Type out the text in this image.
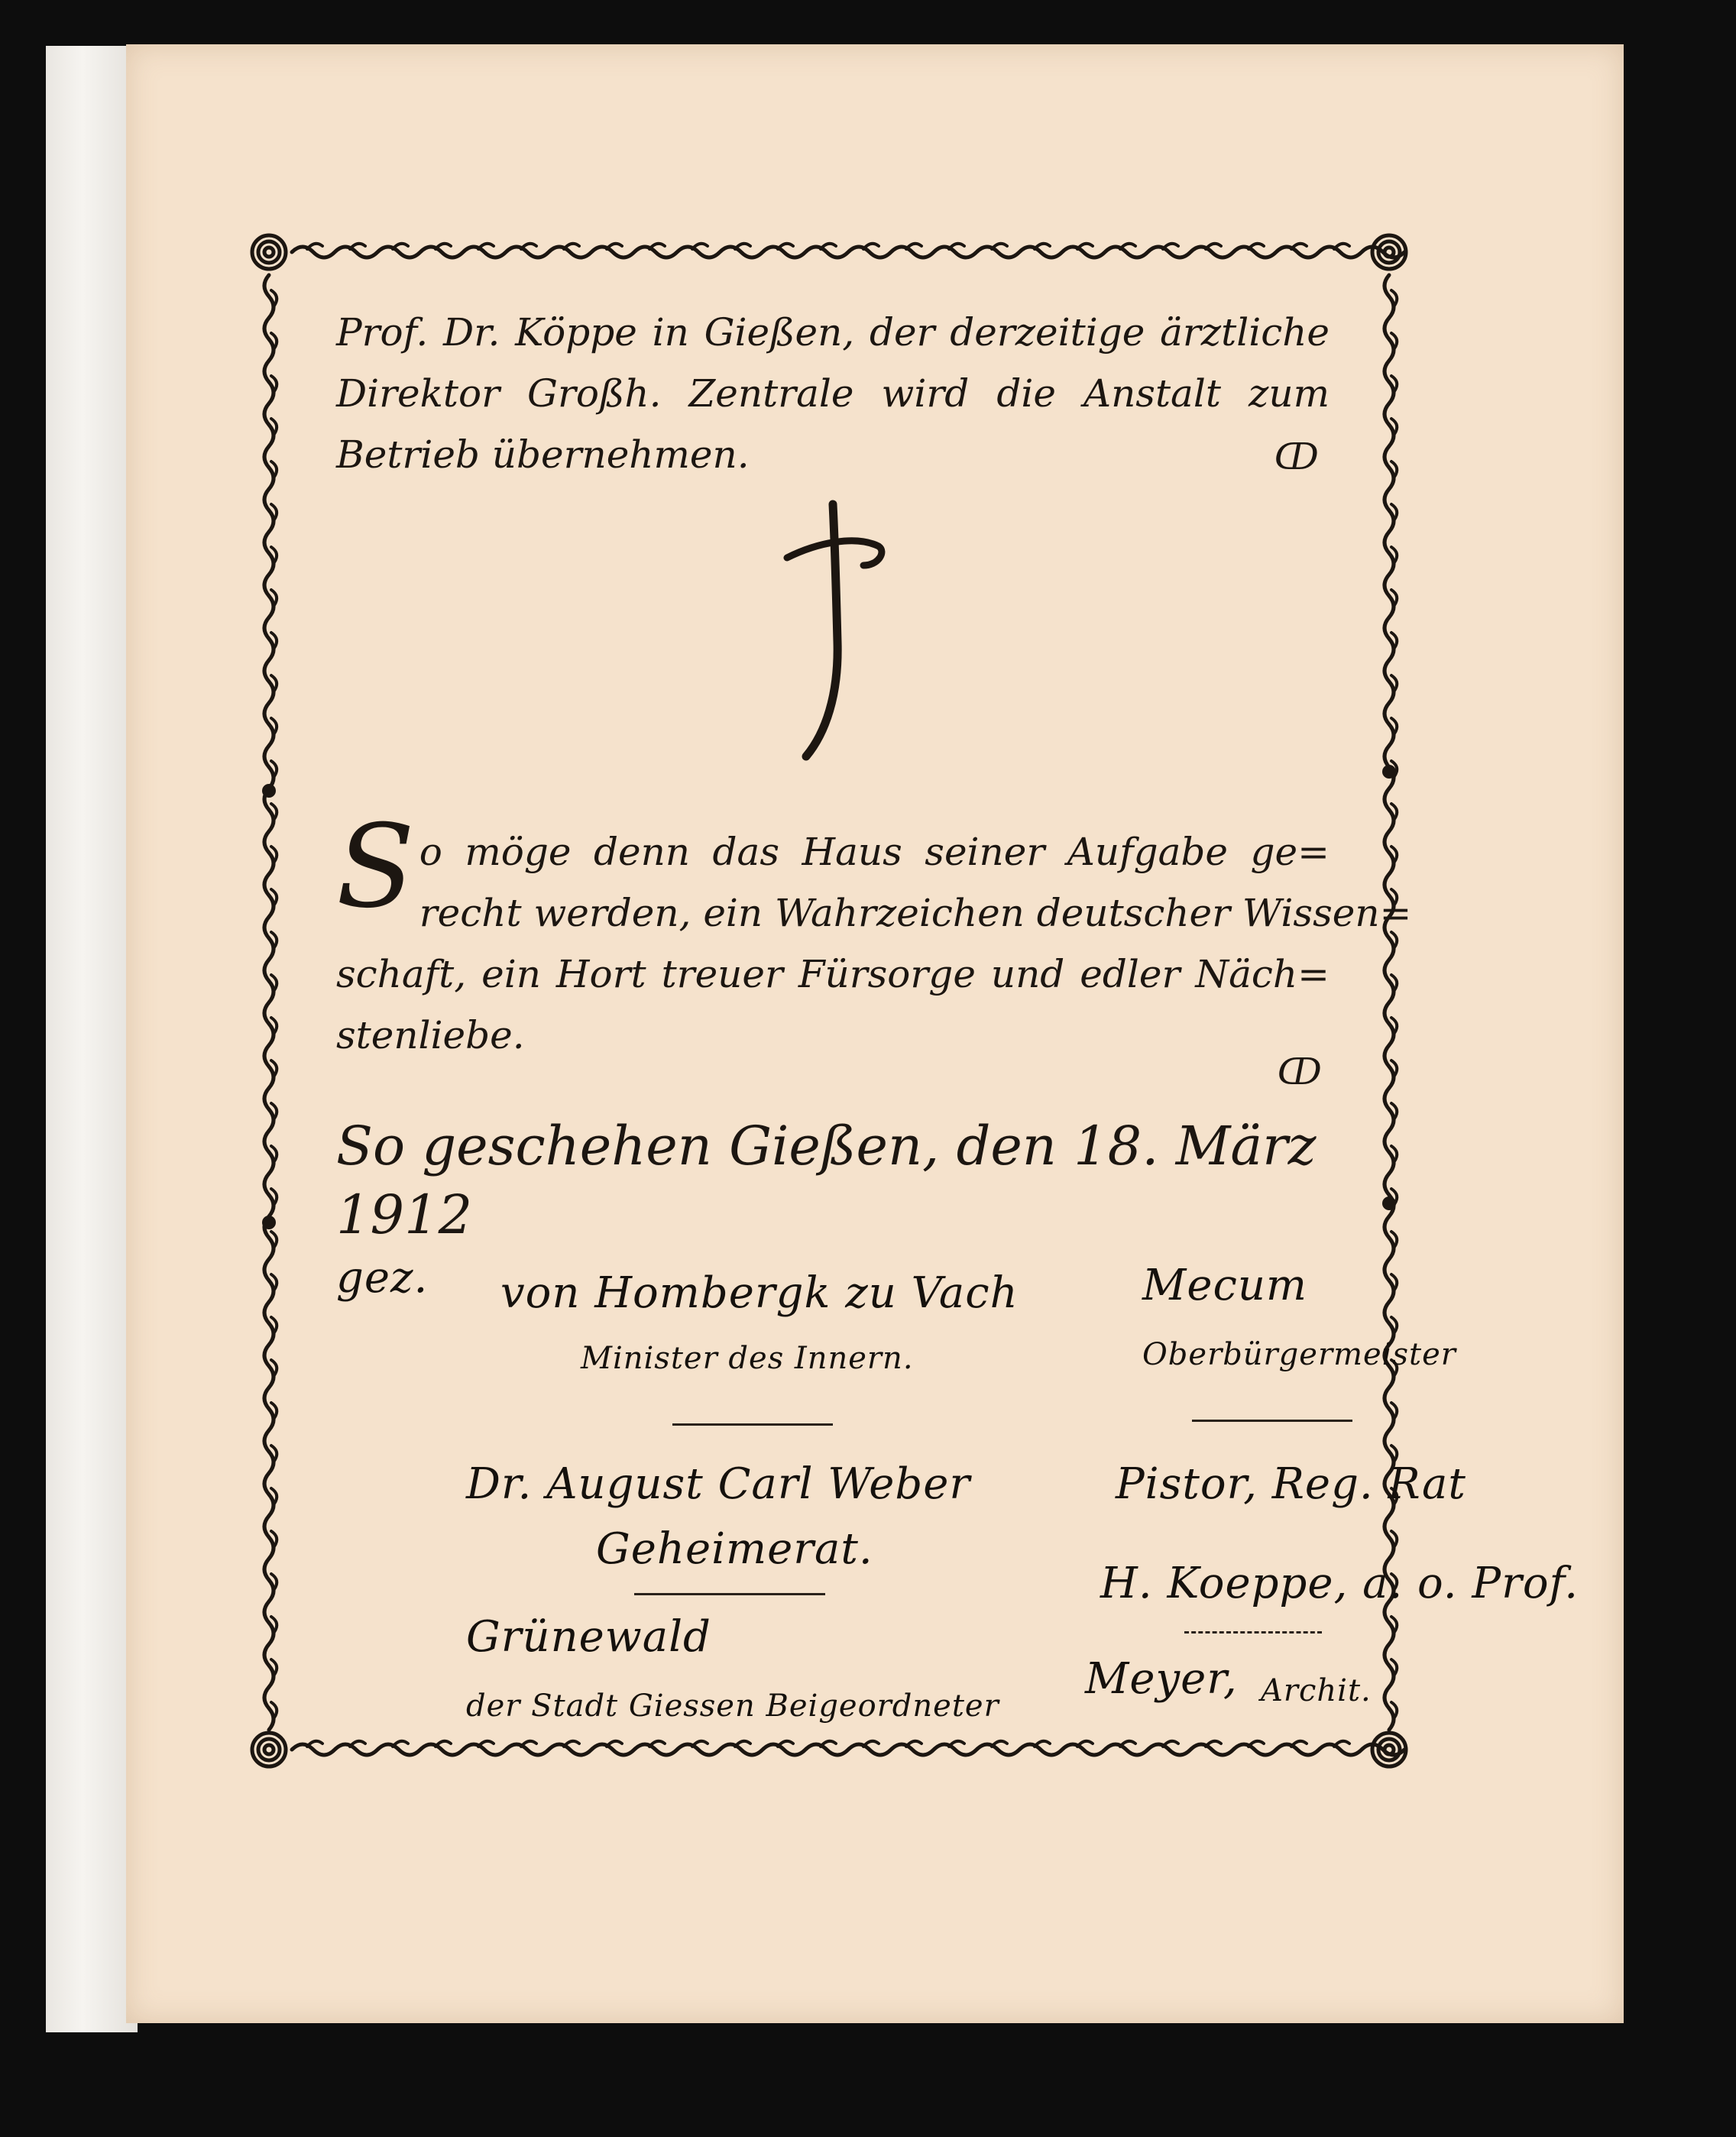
Prof. Dr. Köppe in Gießen, der derzeitige ärztliche
Direktor Großh. Zentrale wird die Anstalt zum
Betrieb übernehmen.	ↀ
S o möge denn das Haus seiner Aufgabe ge=
recht werden, ein Wahrzeichen deutscher Wissen=
schaft, ein Hort treuer Fürsorge und edler Näch=
stenliebe.
ↀ
So geschehen Gießen, den 18. März 1912
gez. von Hombergk zu Vach
Minister des Innern.
Dr. August Carl Weber
Geheimerat.
Grünewald
der Stadt Giessen Beigeordneter
Mecum
Oberbürgermeister
Pistor, Reg. Rat
H. Koeppe, a. o. Prof.
Meyer, Archit.
